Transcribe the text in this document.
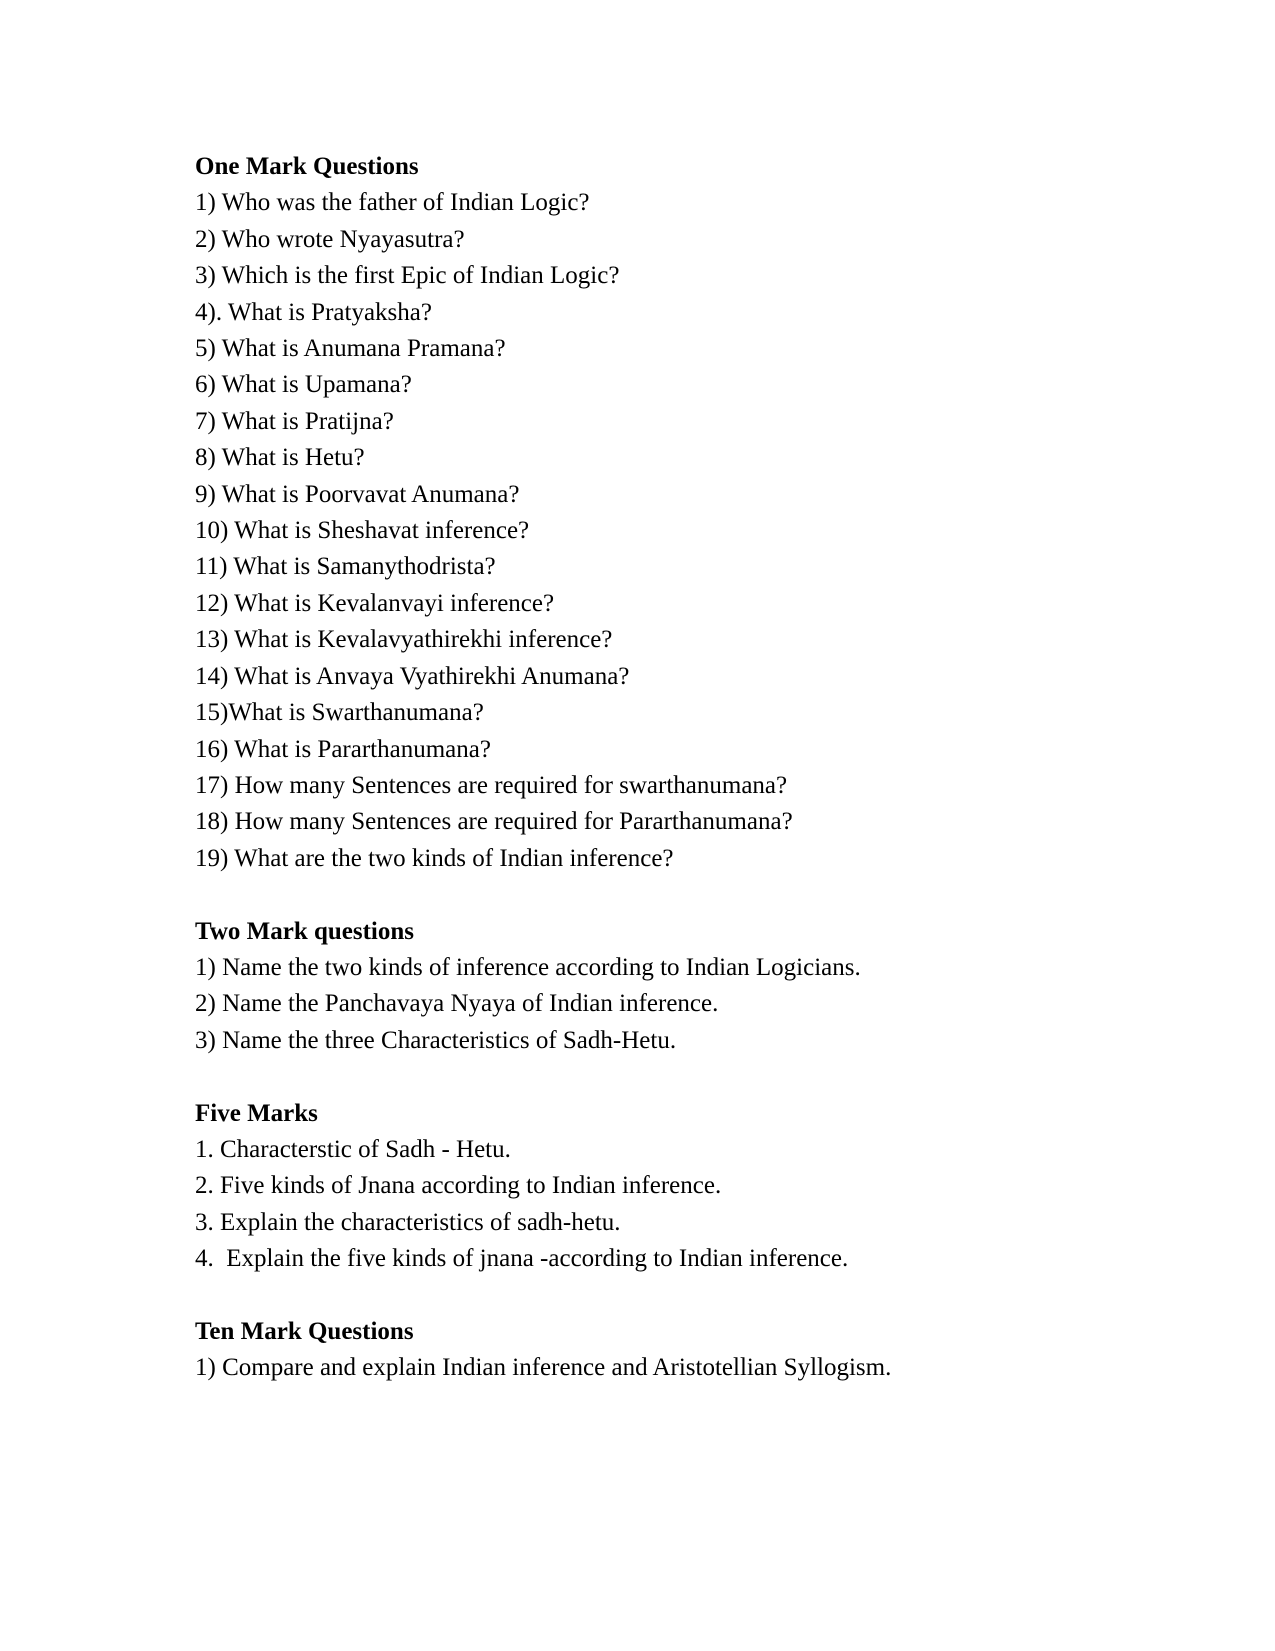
One Mark Questions
1) Who was the father of Indian Logic?
2) Who wrote Nyayasutra?
3) Which is the first Epic of Indian Logic?
4). What is Pratyaksha?
5) What is Anumana Pramana?
6) What is Upamana?
7) What is Pratijna?
8) What is Hetu?
9) What is Poorvavat Anumana?
10) What is Sheshavat inference?
11) What is Samanythodrista?
12) What is Kevalanvayi inference?
13) What is Kevalavyathirekhi inference?
14) What is Anvaya Vyathirekhi Anumana?
15)What is Swarthanumana?
16) What is Pararthanumana?
17) How many Sentences are required for swarthanumana?
18) How many Sentences are required for Pararthanumana?
19) What are the two kinds of Indian inference?
Two Mark questions
1) Name the two kinds of inference according to Indian Logicians.
2) Name the Panchavaya Nyaya of Indian inference.
3) Name the three Characteristics of Sadh-Hetu.
Five Marks
1. Characterstic of Sadh - Hetu.
2. Five kinds of Jnana according to Indian inference.
3. Explain the characteristics of sadh-hetu.
4.  Explain the five kinds of jnana -according to Indian inference.
Ten Mark Questions
1) Compare and explain Indian inference and Aristotellian Syllogism.
